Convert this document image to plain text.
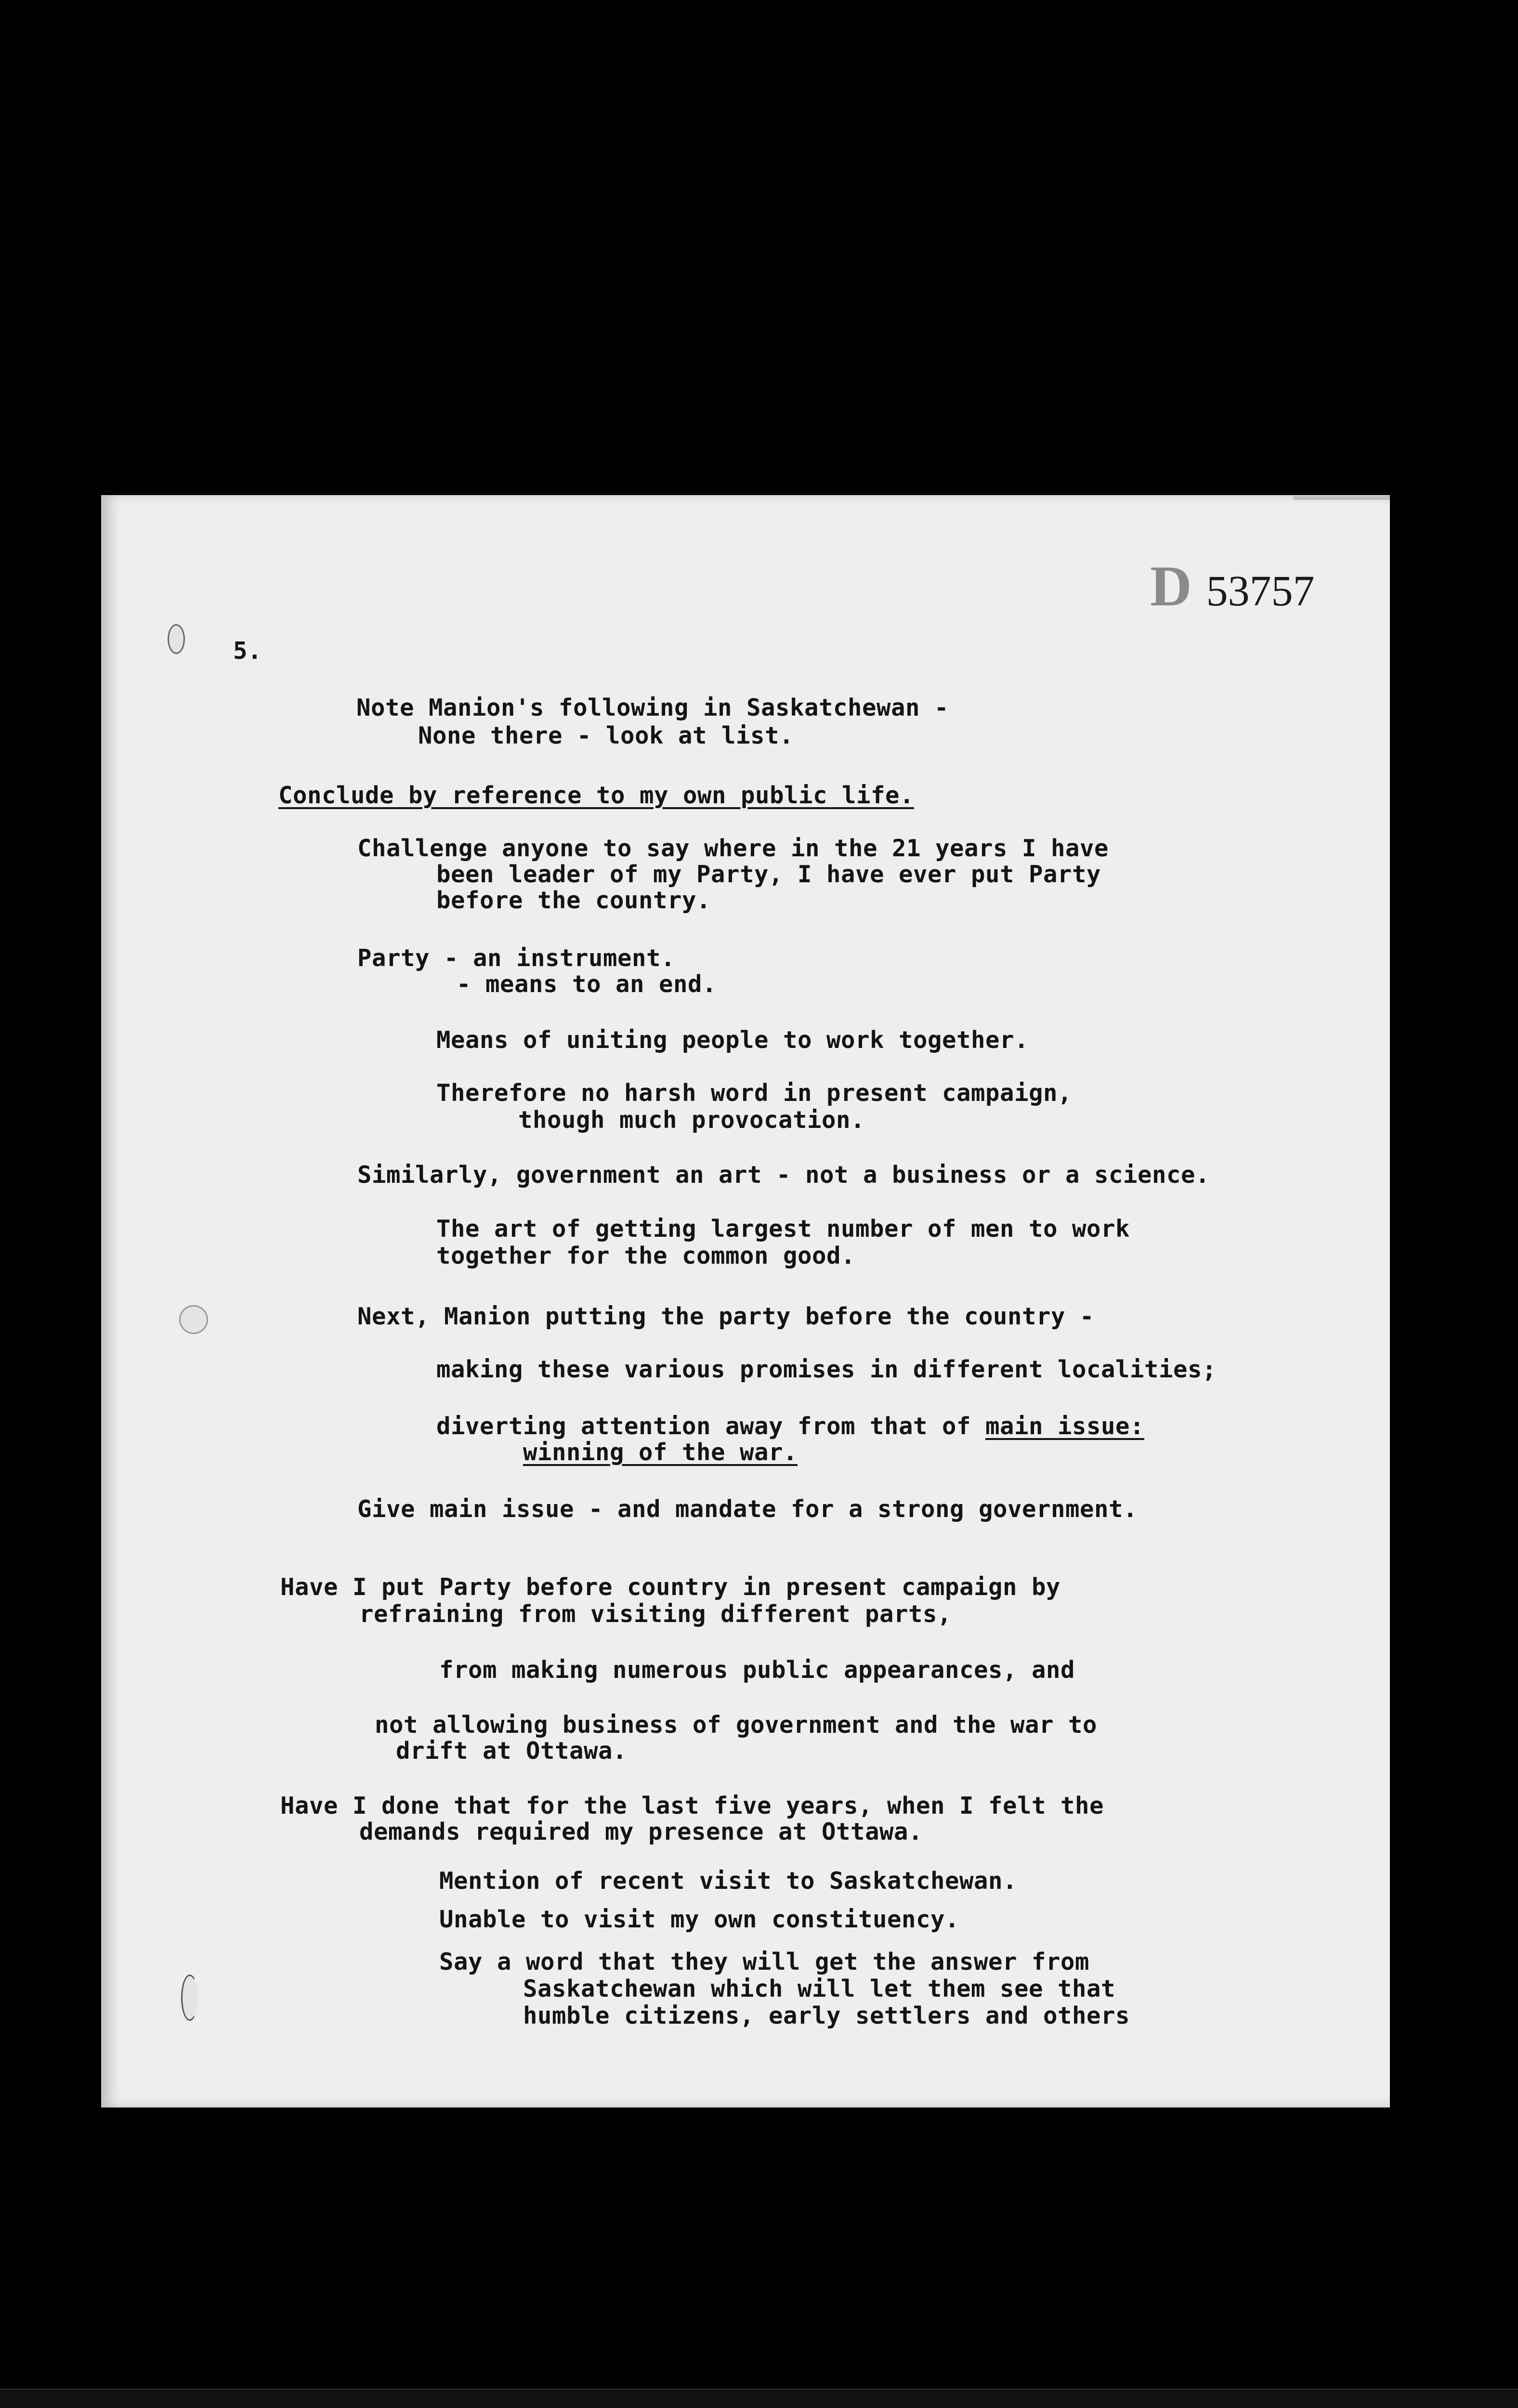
D 53757
5.
Note Manion's following in Saskatchewan -
None there - look at list.
Conclude by reference to my own public life.
Challenge anyone to say where in the 21 years I have
been leader of my Party, I have ever put Party
before the country.
Party - an instrument.
- means to an end.
Means of uniting people to work together.
Therefore no harsh word in present campaign,
though much provocation.
Similarly, government an art - not a business or a science.
The art of getting largest number of men to work
together for the common good.
Next, Manion putting the party before the country -
making these various promises in different localities;
diverting attention away from that of main issue:
winning of the war.
Give main issue - and mandate for a strong government.
Have I put Party before country in present campaign by
refraining from visiting different parts,
from making numerous public appearances, and
not allowing business of government and the war to
drift at Ottawa.
Have I done that for the last five years, when I felt the
demands required my presence at Ottawa.
Mention of recent visit to Saskatchewan.
Unable to visit my own constituency.
Say a word that they will get the answer from
Saskatchewan which will let them see that
humble citizens, early settlers and others
